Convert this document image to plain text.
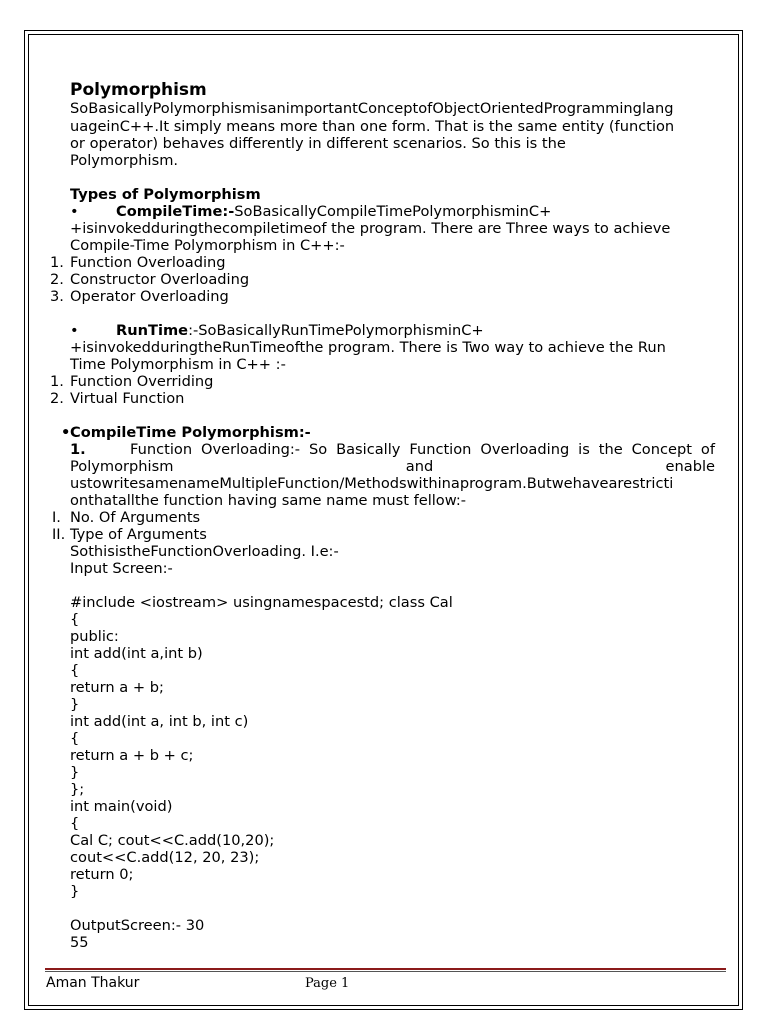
Polymorphism
SoBasicallyPolymorphismisanimportantConceptofObjectOrientedProgramminglang
uageinC++.It simply means more than one form. That is the same entity (function
or operator) behaves differently in different scenarios. So this is the
Polymorphism.
Types of Polymorphism
•	CompileTime:-SoBasicallyCompileTimePolymorphisminC+
+isinvokedduringthecompiletimeof the program. There are Three ways to achieve
Compile-Time Polymorphism in C++:-
1. Function Overloading
2. Constructor Overloading
3. Operator Overloading
•	RunTime:-SoBasicallyRunTimePolymorphisminC+
+isinvokedduringtheRunTimeofthe program. There is Two way to achieve the Run
Time Polymorphism in C++ :-
1. Function Overriding
2. Virtual Function
• CompileTime Polymorphism:-
1.	Function Overloading:- So Basically Function Overloading is the Concept of
Polymorphism	and	enable
ustowritesamenameMultipleFunction/Methodswithinaprogram.Butwehavearestricti
onthatallthe function having same name must fellow:-
I. No. Of Arguments
II. Type of Arguments
SothisistheFunctionOverloading. I.e:-
Input Screen:-
#include <iostream> usingnamespacestd; class Cal
{
public:
int add(int a,int b)
{
return a + b;
}
int add(int a, int b, int c)
{
return a + b + c;
}
};
int main(void)
{
Cal C; cout<<C.add(10,20);
cout<<C.add(12, 20, 23);
return 0;
}
OutputScreen:- 30
55
Aman Thakur	Page 1
